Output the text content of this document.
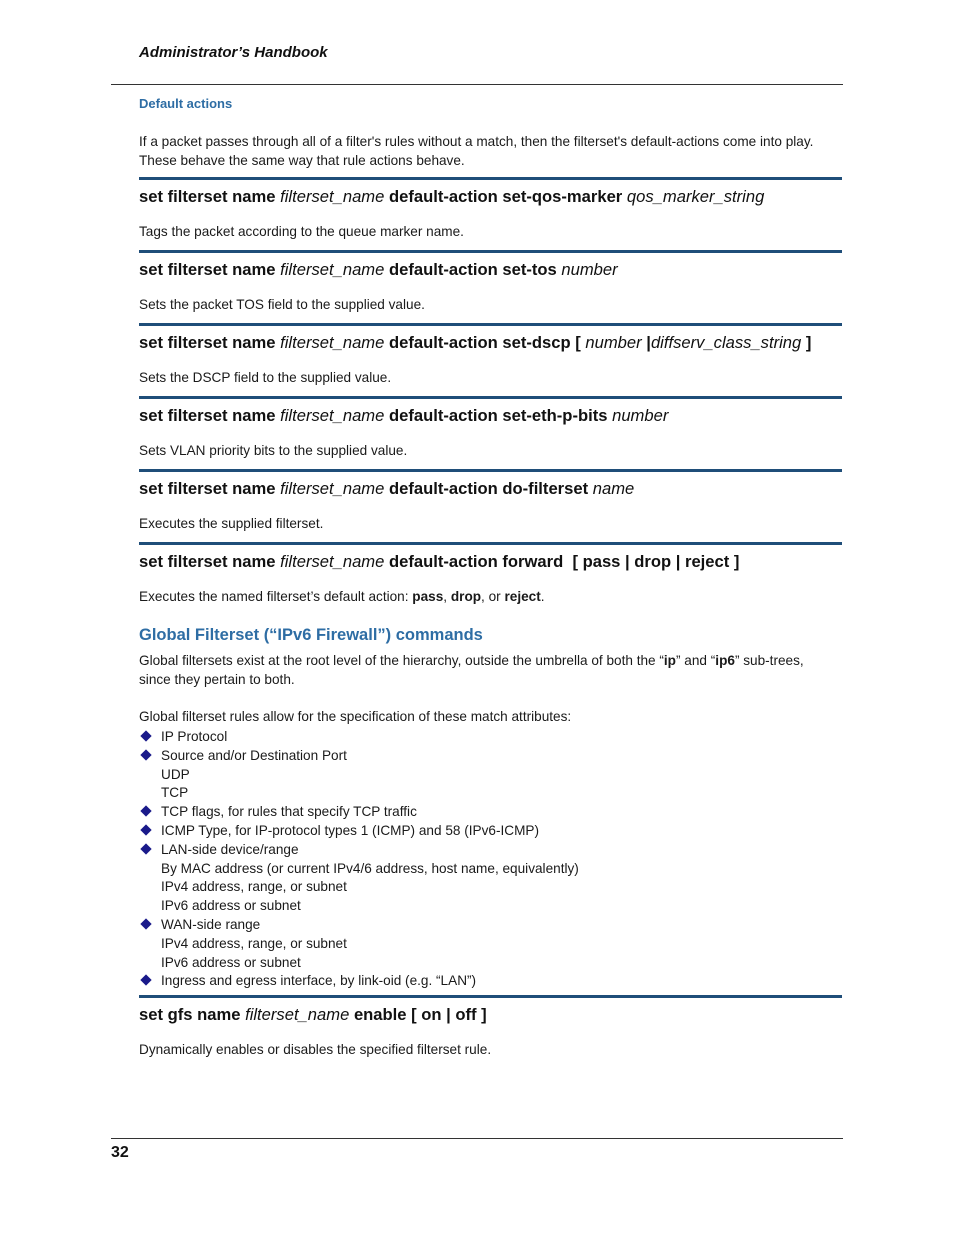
Administrator’s Handbook
Default actions
If a packet passes through all of a filter's rules without a match, then the filterset's default-actions come into play. These behave the same way that rule actions behave.
set filterset name filterset_name default-action set-qos-marker qos_marker_string
Tags the packet according to the queue marker name.
set filterset name filterset_name default-action set-tos number
Sets the packet TOS field to the supplied value.
set filterset name filterset_name default-action set-dscp [ number |diffserv_class_string ]
Sets the DSCP field to the supplied value.
set filterset name filterset_name default-action set-eth-p-bits number
Sets VLAN priority bits to the supplied value.
set filterset name filterset_name default-action do-filterset name
Executes the supplied filterset.
set filterset name filterset_name default-action forward  [ pass | drop | reject ]
Executes the named filterset’s default action: pass, drop, or reject.
Global Filterset (“IPv6 Firewall”) commands
Global filtersets exist at the root level of the hierarchy, outside the umbrella of both the “ip” and “ip6” sub-trees, since they pertain to both.
Global filterset rules allow for the specification of these match attributes:
IP Protocol
Source and/or Destination Port
UDP
TCP
TCP flags, for rules that specify TCP traffic
ICMP Type, for IP-protocol types 1 (ICMP) and 58 (IPv6-ICMP)
LAN-side device/range
By MAC address (or current IPv4/6 address, host name, equivalently)
IPv4 address, range, or subnet
IPv6 address or subnet
WAN-side range
IPv4 address, range, or subnet
IPv6 address or subnet
Ingress and egress interface, by link-oid (e.g. “LAN”)
set gfs name filterset_name enable [ on | off ]
Dynamically enables or disables the specified filterset rule.
32
